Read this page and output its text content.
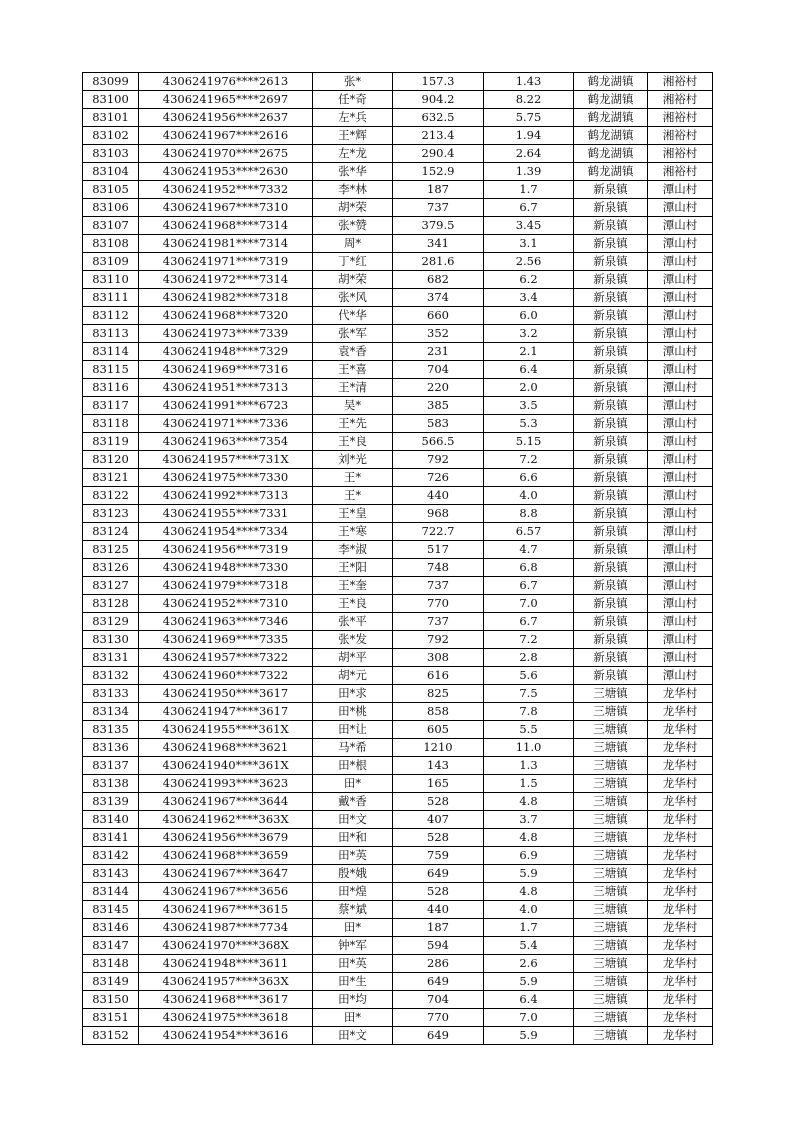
83099	4306241976****2613	张*	157.3	1.43	鹤龙湖镇	湘裕村
83100	4306241965****2697	任*奇	904.2	8.22	鹤龙湖镇	湘裕村
83101	4306241956****2637	左*兵	632.5	5.75	鹤龙湖镇	湘裕村
83102	4306241967****2616	王*辉	213.4	1.94	鹤龙湖镇	湘裕村
83103	4306241970****2675	左*龙	290.4	2.64	鹤龙湖镇	湘裕村
83104	4306241953****2630	张*华	152.9	1.39	鹤龙湖镇	湘裕村
83105	4306241952****7332	李*林	187	1.7	新泉镇	潭山村
83106	4306241967****7310	胡*荣	737	6.7	新泉镇	潭山村
83107	4306241968****7314	张*赞	379.5	3.45	新泉镇	潭山村
83108	4306241981****7314	周*	341	3.1	新泉镇	潭山村
83109	4306241971****7319	丁*红	281.6	2.56	新泉镇	潭山村
83110	4306241972****7314	胡*荣	682	6.2	新泉镇	潭山村
83111	4306241982****7318	张*风	374	3.4	新泉镇	潭山村
83112	4306241968****7320	代*华	660	6.0	新泉镇	潭山村
83113	4306241973****7339	张*军	352	3.2	新泉镇	潭山村
83114	4306241948****7329	袁*香	231	2.1	新泉镇	潭山村
83115	4306241969****7316	王*喜	704	6.4	新泉镇	潭山村
83116	4306241951****7313	王*清	220	2.0	新泉镇	潭山村
83117	4306241991****6723	吴*	385	3.5	新泉镇	潭山村
83118	4306241971****7336	王*先	583	5.3	新泉镇	潭山村
83119	4306241963****7354	王*良	566.5	5.15	新泉镇	潭山村
83120	4306241957****731X	刘*光	792	7.2	新泉镇	潭山村
83121	4306241975****7330	王*	726	6.6	新泉镇	潭山村
83122	4306241992****7313	王*	440	4.0	新泉镇	潭山村
83123	4306241955****7331	王*皇	968	8.8	新泉镇	潭山村
83124	4306241954****7334	王*寒	722.7	6.57	新泉镇	潭山村
83125	4306241956****7319	李*淑	517	4.7	新泉镇	潭山村
83126	4306241948****7330	王*阳	748	6.8	新泉镇	潭山村
83127	4306241979****7318	王*奎	737	6.7	新泉镇	潭山村
83128	4306241952****7310	王*良	770	7.0	新泉镇	潭山村
83129	4306241963****7346	张*平	737	6.7	新泉镇	潭山村
83130	4306241969****7335	张*发	792	7.2	新泉镇	潭山村
83131	4306241957****7322	胡*平	308	2.8	新泉镇	潭山村
83132	4306241960****7322	胡*元	616	5.6	新泉镇	潭山村
83133	4306241950****3617	田*求	825	7.5	三塘镇	龙华村
83134	4306241947****3617	田*桃	858	7.8	三塘镇	龙华村
83135	4306241955****361X	田*让	605	5.5	三塘镇	龙华村
83136	4306241968****3621	马*希	1210	11.0	三塘镇	龙华村
83137	4306241940****361X	田*根	143	1.3	三塘镇	龙华村
83138	4306241993****3623	田*	165	1.5	三塘镇	龙华村
83139	4306241967****3644	戴*香	528	4.8	三塘镇	龙华村
83140	4306241962****363X	田*文	407	3.7	三塘镇	龙华村
83141	4306241956****3679	田*和	528	4.8	三塘镇	龙华村
83142	4306241968****3659	田*英	759	6.9	三塘镇	龙华村
83143	4306241967****3647	殷*娥	649	5.9	三塘镇	龙华村
83144	4306241967****3656	田*煌	528	4.8	三塘镇	龙华村
83145	4306241967****3615	蔡*斌	440	4.0	三塘镇	龙华村
83146	4306241987****7734	田*	187	1.7	三塘镇	龙华村
83147	4306241970****368X	钟*军	594	5.4	三塘镇	龙华村
83148	4306241948****3611	田*英	286	2.6	三塘镇	龙华村
83149	4306241957****363X	田*生	649	5.9	三塘镇	龙华村
83150	4306241968****3617	田*均	704	6.4	三塘镇	龙华村
83151	4306241975****3618	田*	770	7.0	三塘镇	龙华村
83152	4306241954****3616	田*文	649	5.9	三塘镇	龙华村
